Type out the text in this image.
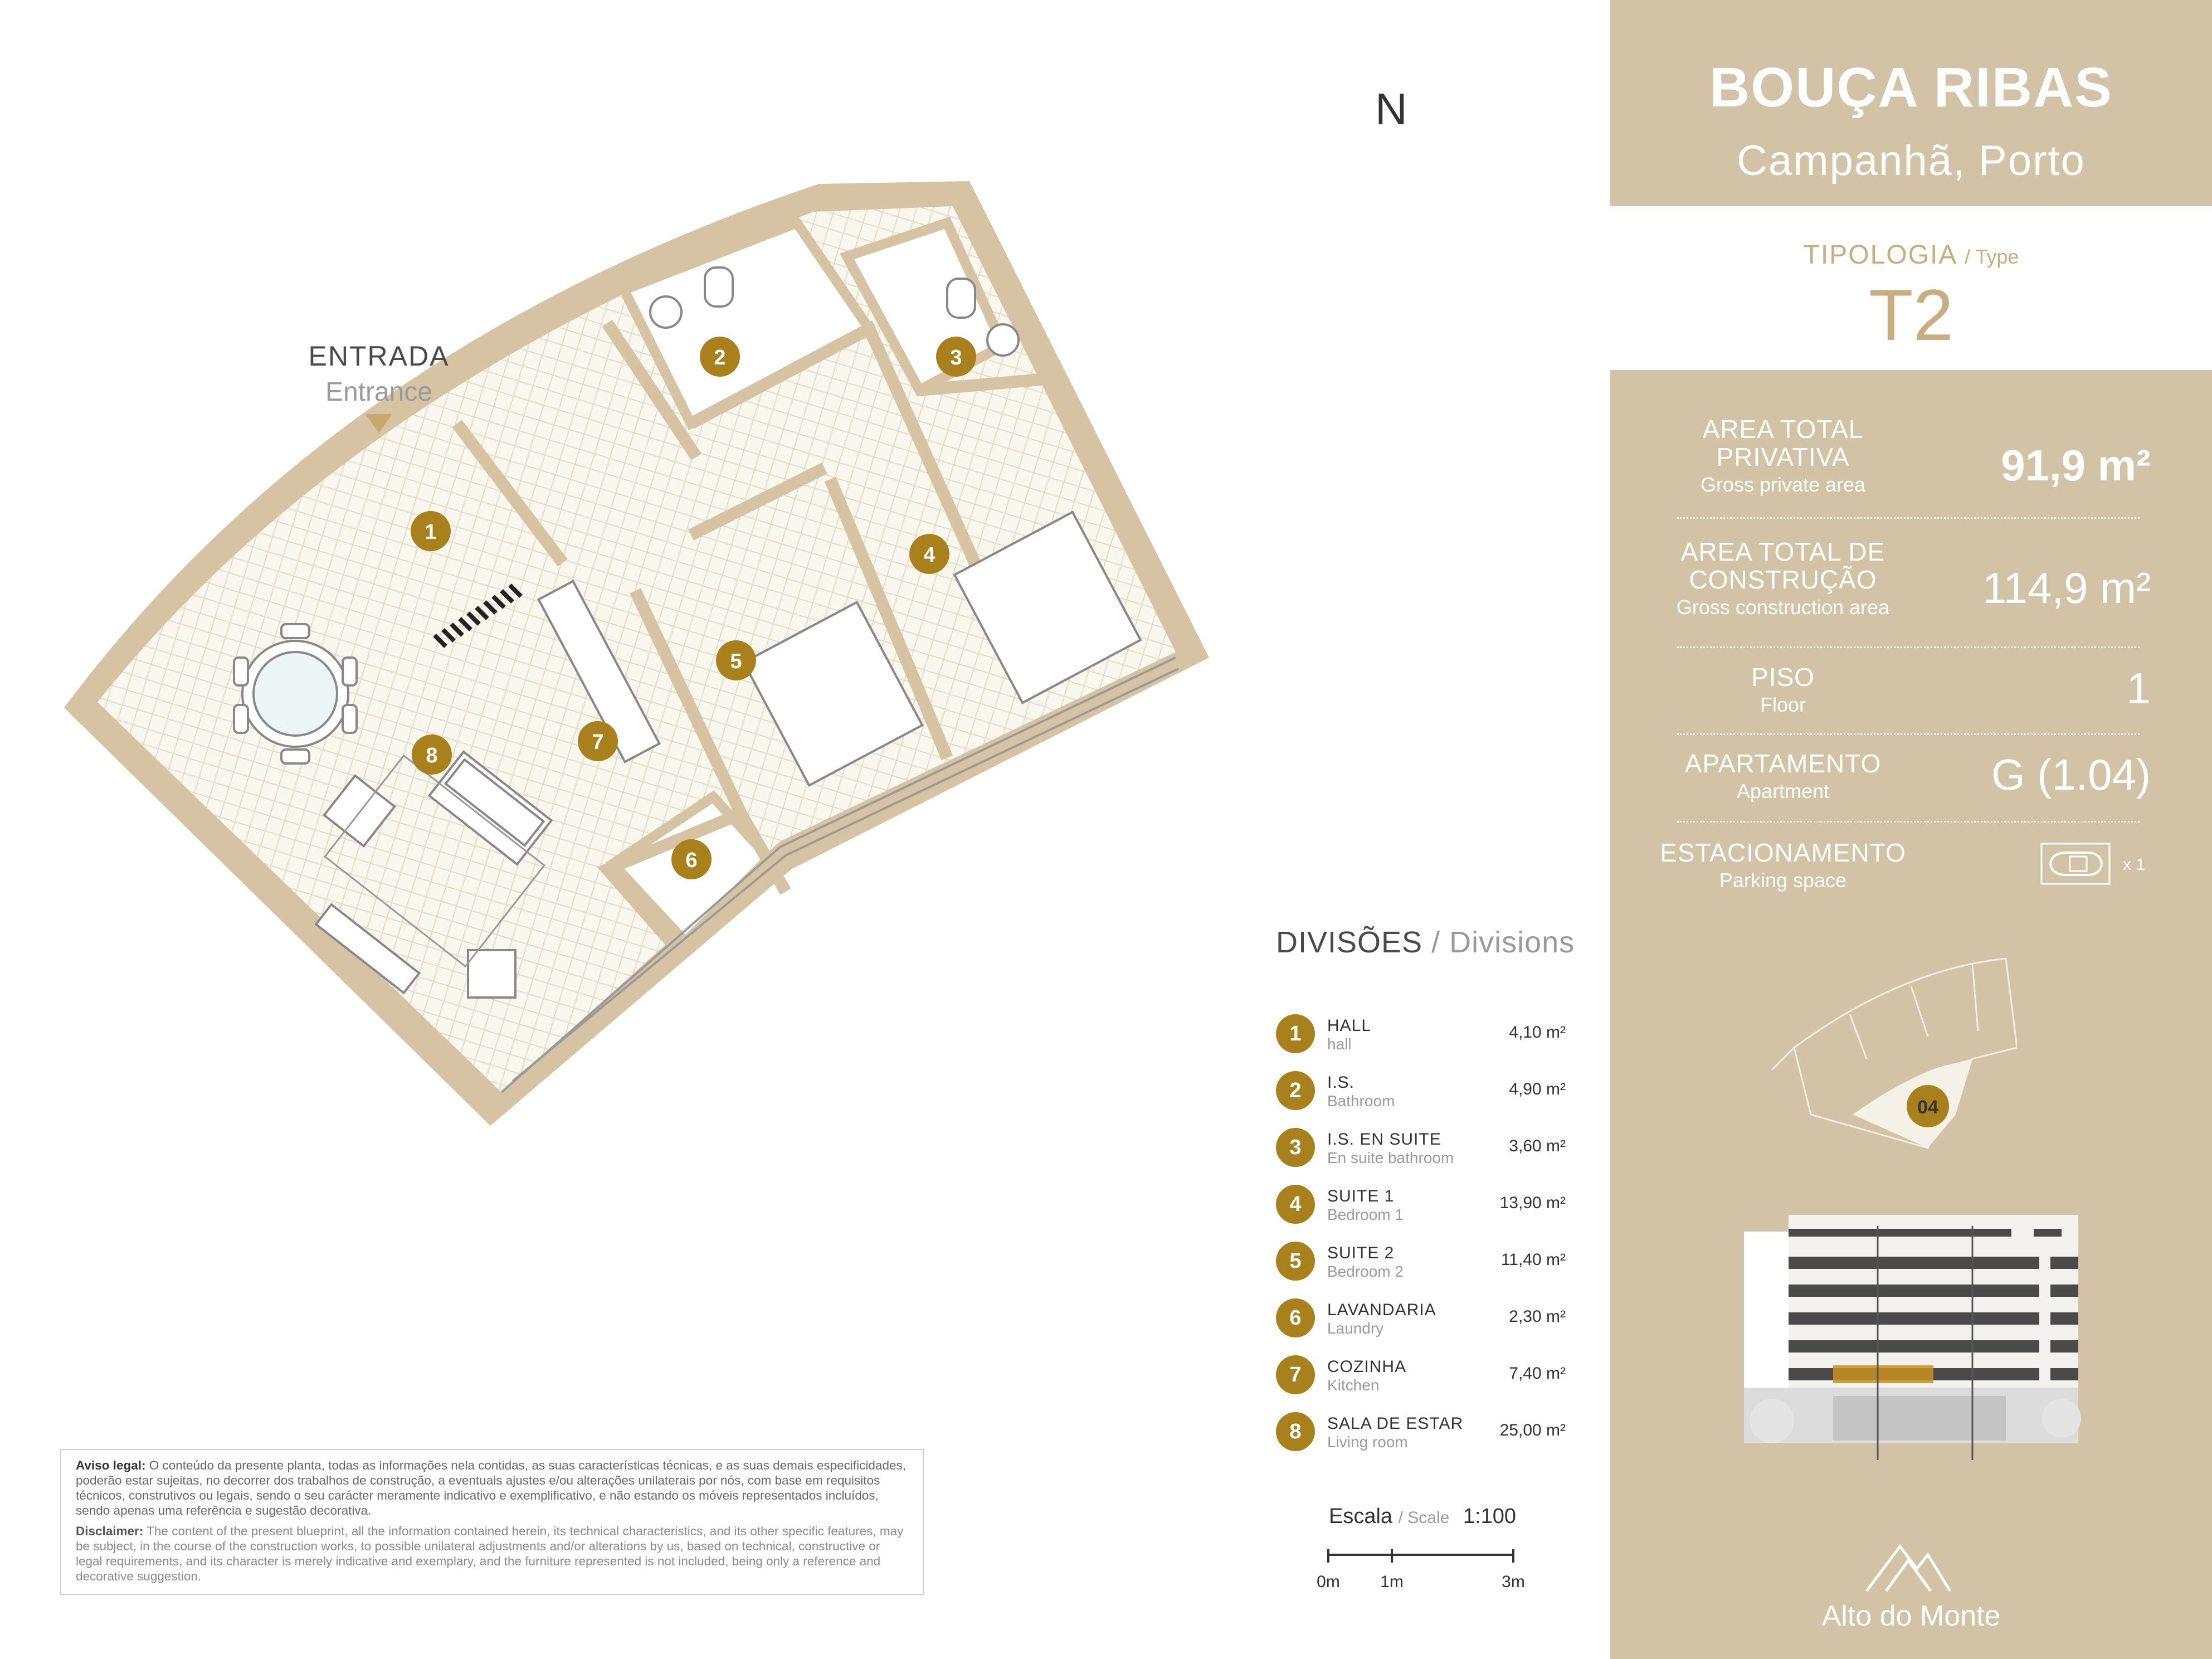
1
2	3
4
5
6
7
8
ENTRADA
Entrance
N
DIVISÕES / Divisions
1	HALL
hall
4,10 m²
2	I.S.
Bathroom
4,90 m²
3	I.S. EN SUITE
En suite bathroom
3,60 m²
4	SUITE 1
Bedroom 1
13,90 m²
5	SUITE 2
Bedroom 2
11,40 m²
6	LAVANDARIA
Laundry
2,30 m²
7	COZINHA
Kitchen
7,40 m²
8	SALA DE ESTAR
Living room
25,00 m²
Escala / Scale 1:100
0m 1m	3m
Aviso legal: O conteúdo da presente planta, todas as informações nela contidas, as suas características técnicas, e as suas demais especificidades, poderão estar sujeitas, no decorrer dos trabalhos de construção, a eventuais ajustes e/ou alterações unilaterais por nós, com base em requisitos técnicos, construtivos ou legais, sendo o seu carácter meramente indicativo e exemplificativo, e não estando os móveis representados incluídos, sendo apenas uma referência e sugestão decorativa.
Disclaimer: The content of the present blueprint, all the information contained herein, its technical characteristics, and its other specific features, may be subject, in the course of the construction works, to possible unilateral adjustments and/or alterations by us, based on technical, constructive or legal requirements, and its character is merely indicative and exemplary, and the furniture represented is not included, being only a reference and decorative suggestion.
BOUÇA RIBAS
Campanhã, Porto
TIPOLOGIA / Type
T2
AREA TOTAL
PRIVATIVA
Gross private area	91,9 m²
AREA TOTAL DE
CONSTRUÇÃO
Gross construction area	114,9 m²
PISO
Floor	1
APARTAMENTO
Apartment	G (1.04)
ESTACIONAMENTO
Parking space
x 1
04
Alto do Monte
